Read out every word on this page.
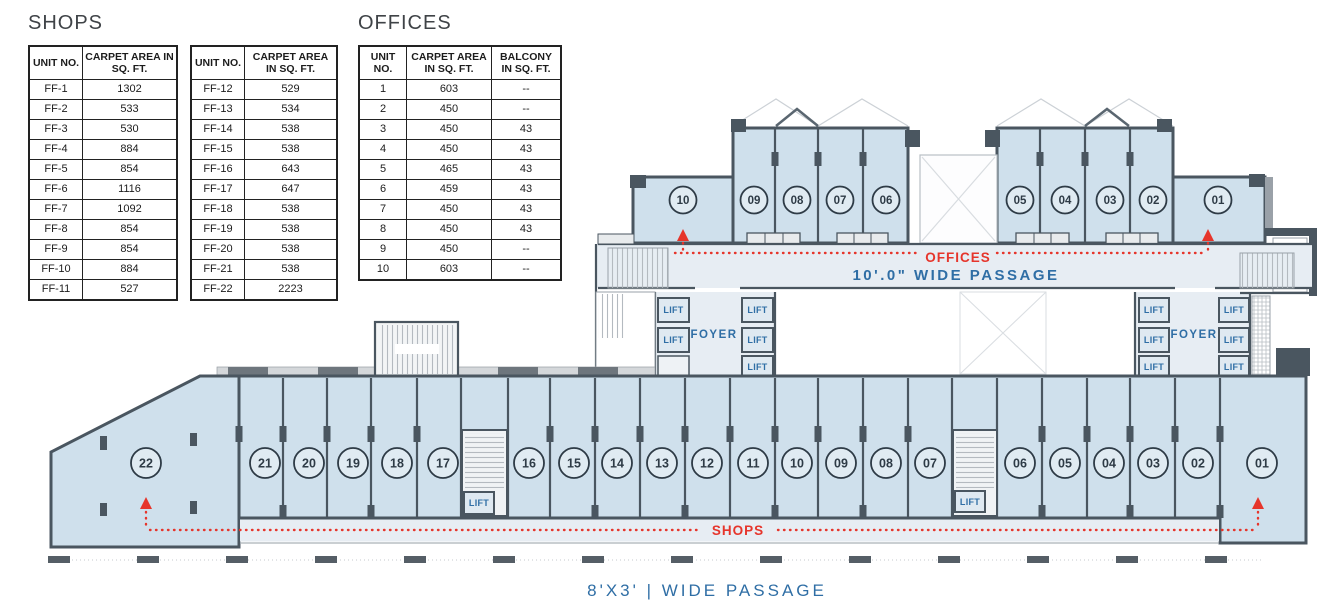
SHOPS	OFFICES
UNIT NO.	CARPET AREA IN SQ. FT.
FF-1	1302
FF-2	533
FF-3	530
FF-4	884
FF-5	854
FF-6	1116
FF-7	1092
FF-8	854
FF-9	854
FF-10	884
FF-11	527
UNIT NO.	CARPET AREA IN SQ. FT.
FF-12	529
FF-13	534
FF-14	538
FF-15	538
FF-16	643
FF-17	647
FF-18	538
FF-19	538
FF-20	538
FF-21	538
FF-22	2223
UNIT NO.	CARPET AREA IN SQ. FT.	BALCONY IN SQ. FT.
1	603	--
2	450	--
3	450	43
4	450	43
5	465	43
6	459	43
7	450	43
8	450	43
9	450	--
10	603	--
10	09	08	07	06	05	04	03	02	01
OFFICES
10'.0" WIDE PASSAGE
LIFT
LIFT
LIFT
LIFT
LIFT
FOYER
LIFT
LIFT
LIFT
LIFT
LIFT
LIFT
FOYER
LIFT	LIFT
22	21 20 19 18	17	16 15 14 13 12	11 10 09 08 07	06 05 04 03 02	01
SHOPS
8'X3' | WIDE PASSAGE
